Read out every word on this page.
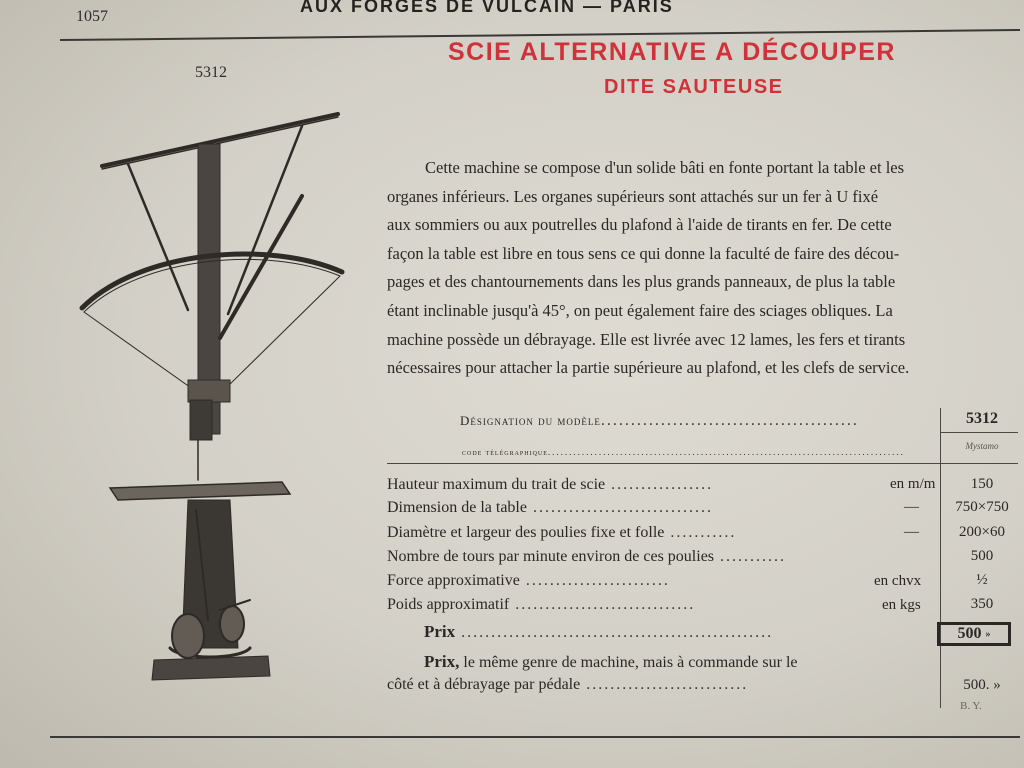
1057
AUX FORGES DE VULCAIN — PARIS
5312
SCIE ALTERNATIVE A DÉCOUPER
DITE SAUTEUSE
Cette machine se compose d'un solide bâti en fonte portant la table et les
organes inférieurs. Les organes supérieurs sont attachés sur un fer à U fixé
aux sommiers ou aux poutrelles du plafond à l'aide de tirants en fer. De cette
façon la table est libre en tous sens ce qui donne la faculté de faire des décou-
pages et des chantournements dans les plus grands panneaux, de plus la table
étant inclinable jusqu'à 45°, on peut également faire des sciages obliques. La
machine possède un débrayage. Elle est livrée avec 12 lames, les fers et tirants
nécessaires pour attacher la partie supérieure au plafond, et les clefs de service.
Désignation du modèle...........................................	5312
code télégraphique....................................................................................
Mystamo
Hauteur maximum du trait de scie .................	en m/m	150
Dimension de la table ..............................	—	750×750
Diamètre et largeur des poulies fixe et folle ...........	—	200×60
Nombre de tours par minute environ de ces poulies ...........	500
Force approximative ........................	en chvx	½
Poids approximatif ..............................	en kgs	350
Prix ....................................................	500
»
Prix, le même genre de machine, mais à commande sur le
côté et à débrayage par pédale ...........................	500. »
B. Y.
